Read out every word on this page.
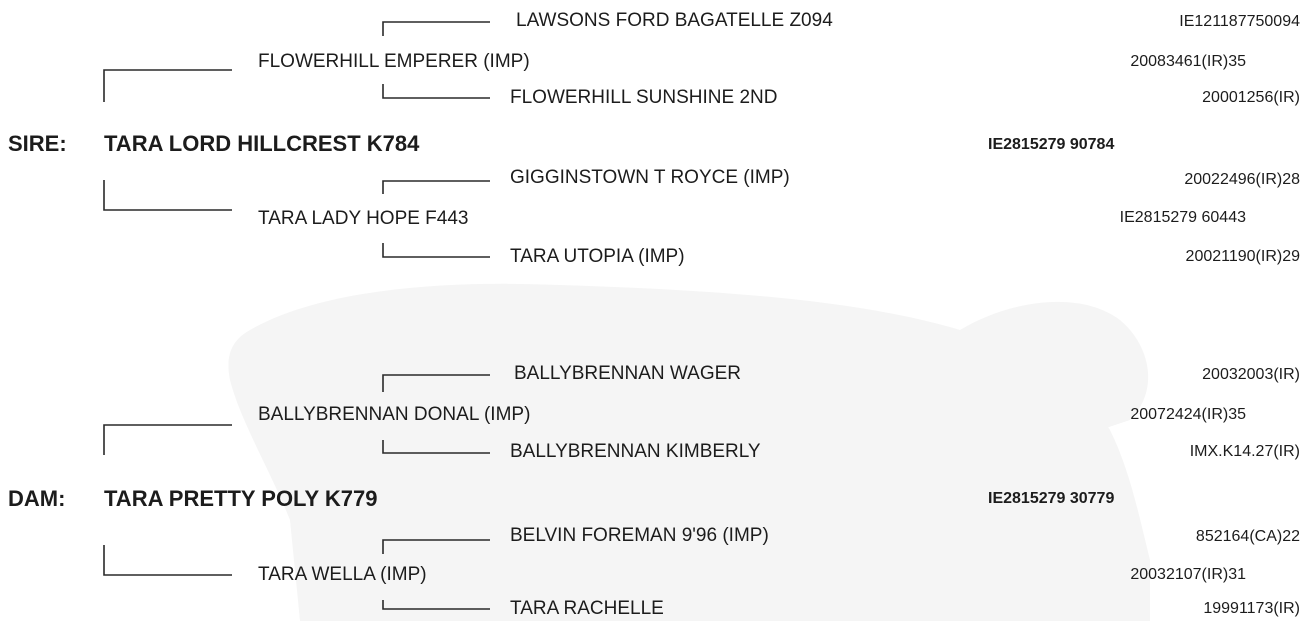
LAWSONS FORD BAGATELLE Z094	IE121187750094
FLOWERHILL EMPERER (IMP)	20083461(IR)35
FLOWERHILL SUNSHINE 2ND	20001256(IR)
SIRE: TARA LORD HILLCREST K784	IE2815279 90784
GIGGINSTOWN T ROYCE (IMP)	20022496(IR)28
TARA LADY HOPE F443	IE2815279 60443
TARA UTOPIA (IMP)	20021190(IR)29
BALLYBRENNAN WAGER	20032003(IR)
BALLYBRENNAN DONAL (IMP)	20072424(IR)35
BALLYBRENNAN KIMBERLY	IMX.K14.27(IR)
DAM: TARA PRETTY POLY K779	IE2815279 30779
BELVIN FOREMAN 9'96 (IMP)	852164(CA)22
TARA WELLA (IMP)	20032107(IR)31
TARA RACHELLE	19991173(IR)
